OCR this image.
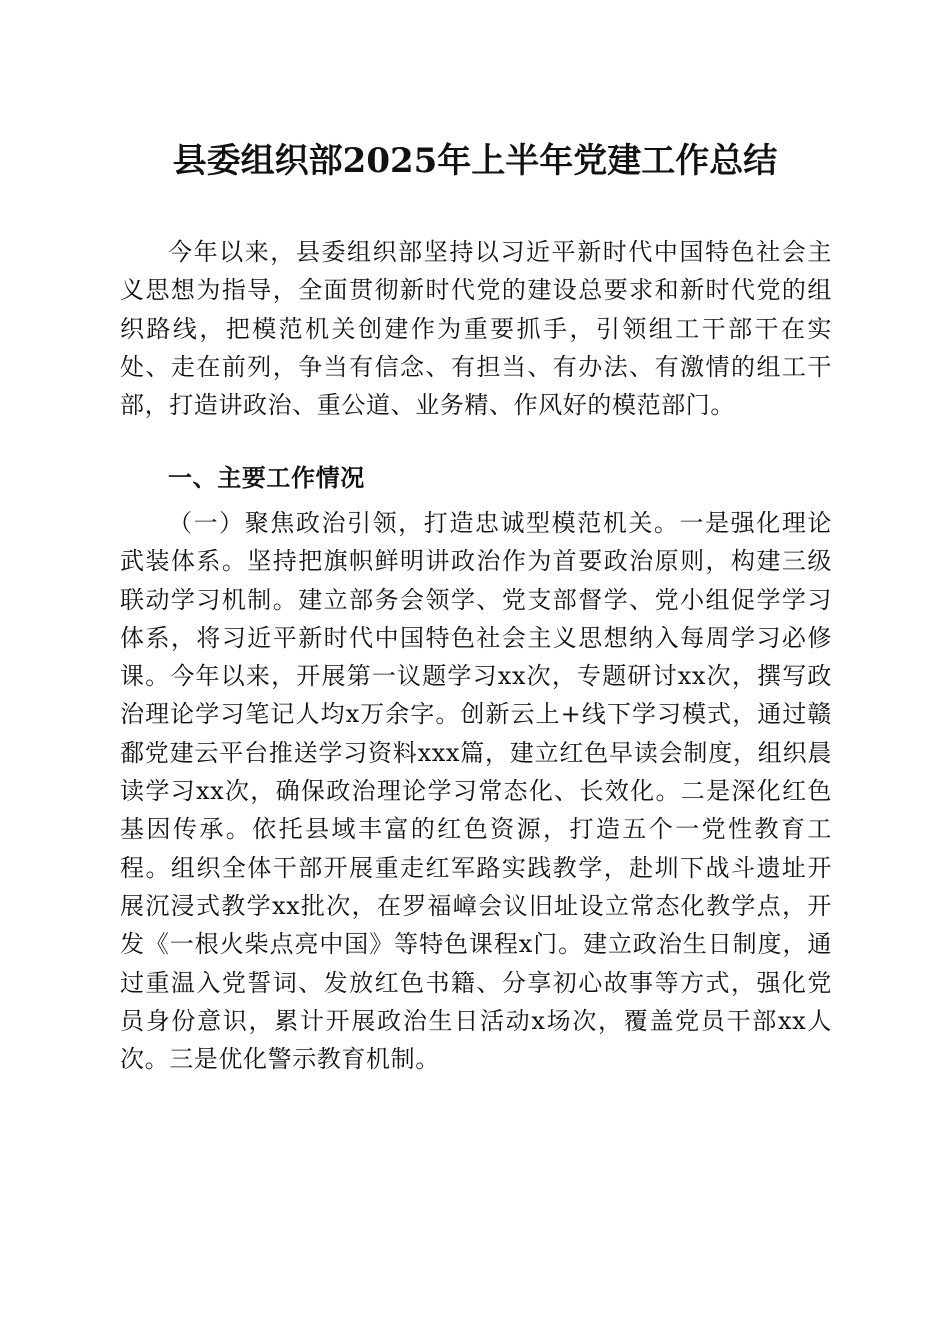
县委组织部2025年上半年党建工作总结
今年以来，县委组织部坚持以习近平新时代中国特色社会主义思想为指导，全面贯彻新时代党的建设总要求和新时代党的组织路线，把模范机关创建作为重要抓手，引领组工干部干在实处、走在前列，争当有信念、有担当、有办法、有激情的组工干部，打造讲政治、重公道、业务精、作风好的模范部门。
一、主要工作情况
（一）聚焦政治引领，打造忠诚型模范机关。一是强化理论武装体系。坚持把旗帜鲜明讲政治作为首要政治原则，构建三级联动学习机制。建立部务会领学、党支部督学、党小组促学学习体系，将习近平新时代中国特色社会主义思想纳入每周学习必修课。今年以来，开展第一议题学习xx次，专题研讨xx次，撰写政治理论学习笔记人均x万余字。创新云上+线下学习模式，通过赣鄱党建云平台推送学习资料xxx篇，建立红色早读会制度，组织晨读学习xx次，确保政治理论学习常态化、长效化。二是深化红色基因传承。依托县域丰富的红色资源，打造五个一党性教育工程。组织全体干部开展重走红军路实践教学，赴圳下战斗遗址开展沉浸式教学xx批次，在罗福嶂会议旧址设立常态化教学点，开发《一根火柴点亮中国》等特色课程x门。建立政治生日制度，通过重温入党誓词、发放红色书籍、分享初心故事等方式，强化党员身份意识，累计开展政治生日活动x场次，覆盖党员干部xx人次。三是优化警示教育机制。
